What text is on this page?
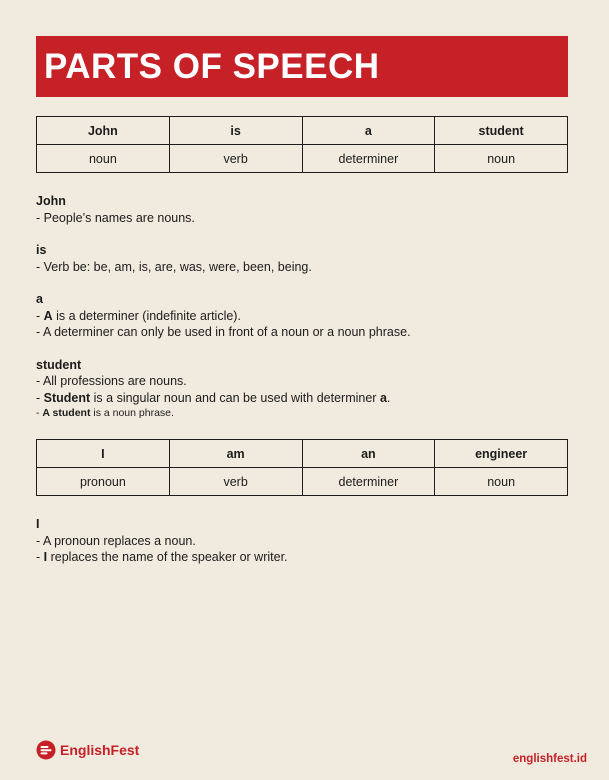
PARTS OF SPEECH
John	is	a	student
noun	verb	determiner	noun
John
- People’s names are nouns.
is
- Verb be: be, am, is, are, was, were, been, being.
a
- A is a determiner (indefinite article).
- A determiner can only be used in front of a noun or a noun phrase.
student
- All professions are nouns.
- Student is a singular noun and can be used with determiner a.
- A student is a noun phrase.
I	am	an	engineer
pronoun	verb	determiner	noun
I
- A pronoun replaces a noun.
- I replaces the name of the speaker or writer.
EnglishFest
englishfest.id
